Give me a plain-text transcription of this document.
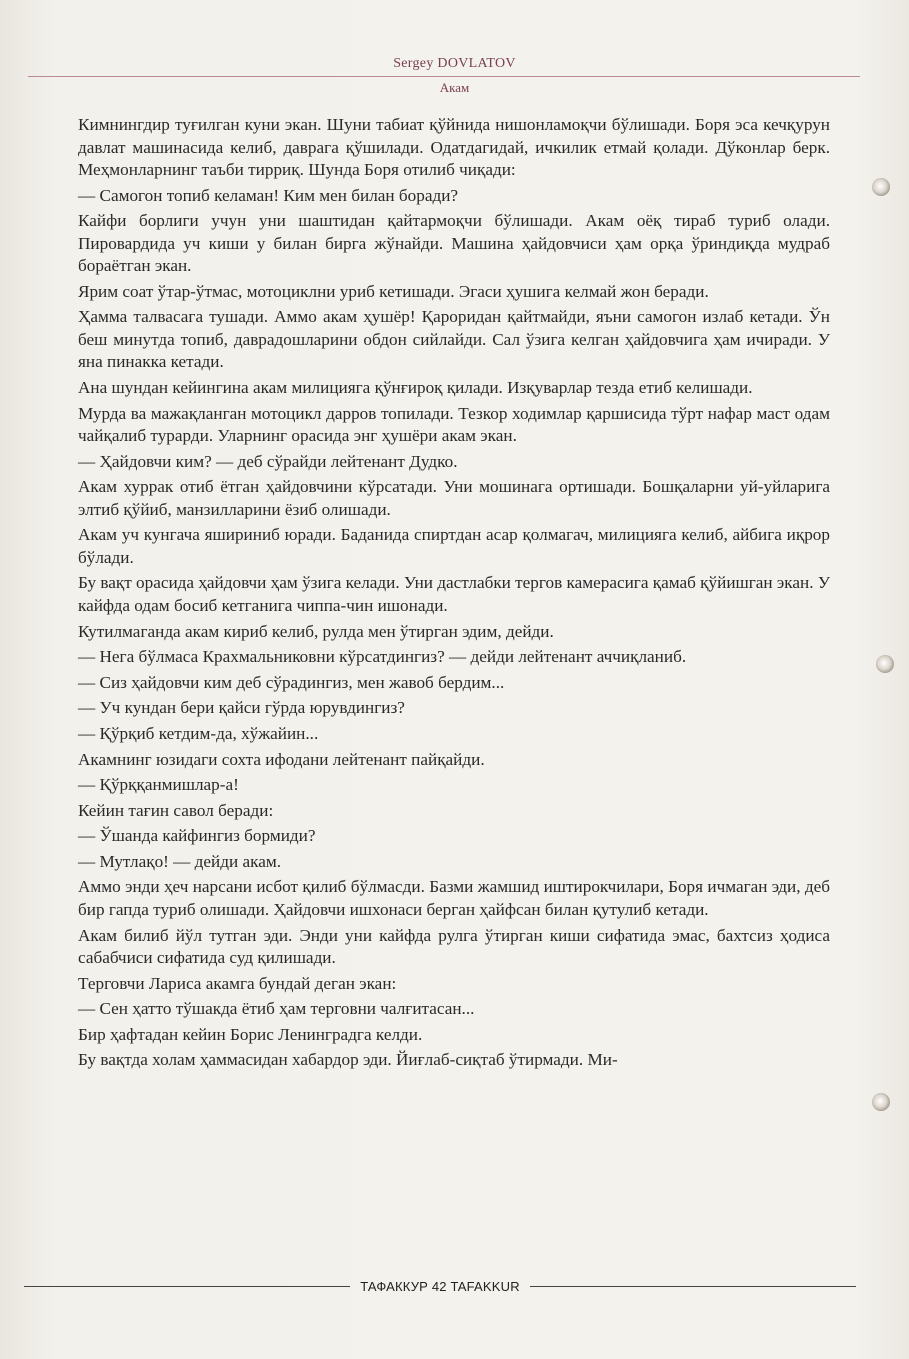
Sergey DOVLATOV
Акам

Кимнингдир туғилган куни экан. Шуни табиат қўйнида нишонламоқчи бўлишади. Боря эса кечқурун давлат машинасида келиб, даврага қўшилади. Одатдагидай, ичкилик етмай қолади. Дўконлар берк. Меҳмонларнинг таъби тирриқ. Шунда Боря отилиб чиқади:

— Самогон топиб келаман! Ким мен билан боради?

Кайфи борлиги учун уни шаштидан қайтармоқчи бўлишади. Акам оёқ тираб туриб олади. Пировардида уч киши у билан бирга жўнайди. Машина ҳайдовчиси ҳам орқа ўриндиқда мудраб бораётган экан.

Ярим соат ўтар-ўтмас, мотоциклни уриб кетишади. Эгаси ҳушига келмай жон беради.

Ҳамма талвасага тушади. Аммо акам ҳушёр! Қароридан қайтмайди, яъни самогон излаб кетади. Ўн беш минутда топиб, даврадошларини обдон сийлайди. Сал ўзига келган ҳайдовчига ҳам ичиради. У яна пинакка кетади.

Ана шундан кейингина акам милицияга қўнғироқ қилади. Изқуварлар тезда етиб келишади.

Мурда ва мажақланган мотоцикл дарров топилади. Тезкор ходимлар қаршисида тўрт нафар маст одам чайқалиб турарди. Уларнинг орасида энг ҳушёри акам экан.

— Ҳайдовчи ким? — деб сўрайди лейтенант Дудко.

Акам хуррак отиб ётган ҳайдовчини кўрсатади. Уни мошинага ортишади. Бошқаларни уй-уйларига элтиб қўйиб, манзилларини ёзиб олишади.

Акам уч кунгача яшириниб юради. Баданида спиртдан асар қолмагач, милицияга келиб, айбига иқрор бўлади.

Бу вақт орасида ҳайдовчи ҳам ўзига келади. Уни дастлабки тергов камерасига қамаб қўйишган экан. У кайфда одам босиб кетганига чиппа-чин ишонади.

Кутилмаганда акам кириб келиб, рулда мен ўтирган эдим, дейди.

— Нега бўлмаса Крахмальниковни кўрсатдингиз? — дейди лейтенант аччиқланиб.

— Сиз ҳайдовчи ким деб сўрадингиз, мен жавоб бердим...

— Уч кундан бери қайси гўрда юрувдингиз?

— Қўрқиб кетдим-да, хўжайин...

Акамнинг юзидаги сохта ифодани лейтенант пайқайди.

— Қўрққанмишлар-а!

Кейин тағин савол беради:

— Ўшанда кайфингиз бормиди?

— Мутлақо! — дейди акам.

Аммо энди ҳеч нарсани исбот қилиб бўлмасди. Базми жамшид иштирокчилари, Боря ичмаган эди, деб бир гапда туриб олишади. Ҳайдовчи ишхонаси берган ҳайфсан билан қутулиб кетади.

Акам билиб йўл тутган эди. Энди уни кайфда рулга ўтирган киши сифатида эмас, бахтсиз ҳодиса сабабчиси сифатида суд қилишади.

Терговчи Лариса акамга бундай деган экан:

— Сен ҳатто тўшакда ётиб ҳам терговни чалғитасан...

Бир ҳафтадан кейин Борис Ленинградга келди.

Бу вақтда холам ҳаммасидан хабардор эди. Йиғлаб-сиқтаб ўтирмади. Ми-

ТАФАККУР 42 TAFAKKUR
